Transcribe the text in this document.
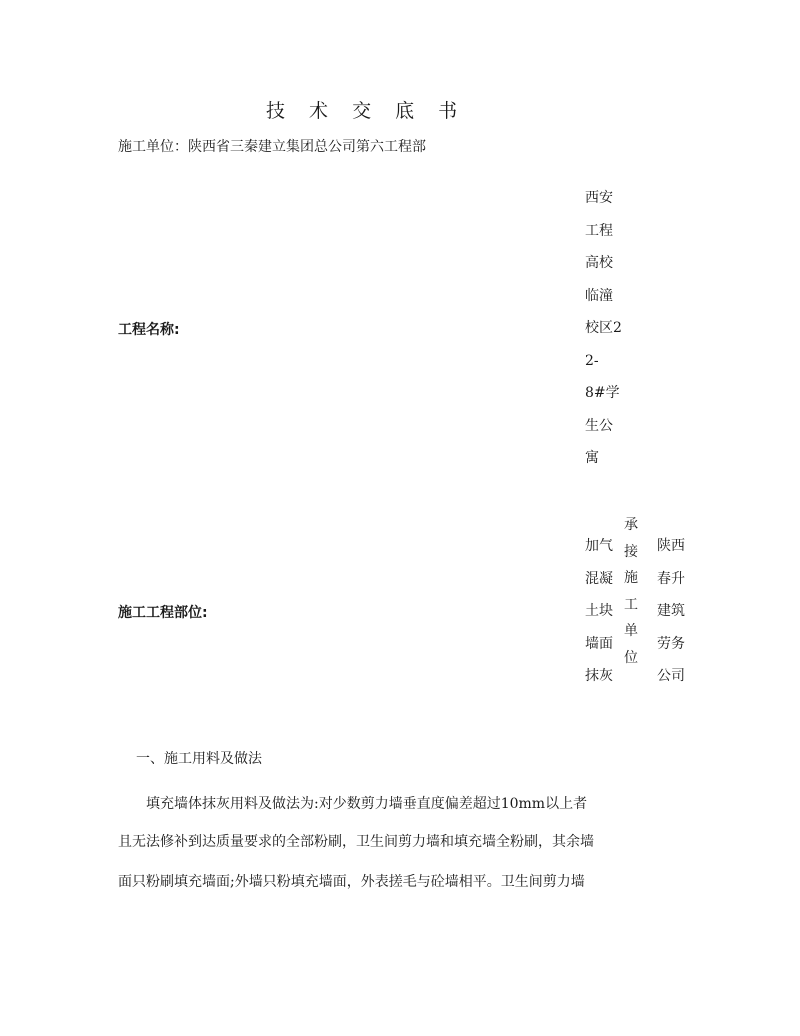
技 术 交 底 书
施工单位：陕西省三秦建立集团总公司第六工程部
工程名称:
西安
工程
高校
临潼
校区2
2-
8#学
生公
寓
施工工程部位:
加气
混凝
土块
墙面
抹灰
承
接
施
工
单
位
陕西
春升
建筑
劳务
公司
一、施工用料及做法
填充墙体抹灰用料及做法为:对少数剪力墙垂直度偏差超过10mm以上者
且无法修补到达质量要求的全部粉刷，卫生间剪力墙和填充墙全粉刷，其余墙
面只粉刷填充墙面;外墙只粉填充墙面，外表搓毛与砼墙相平。卫生间剪力墙
